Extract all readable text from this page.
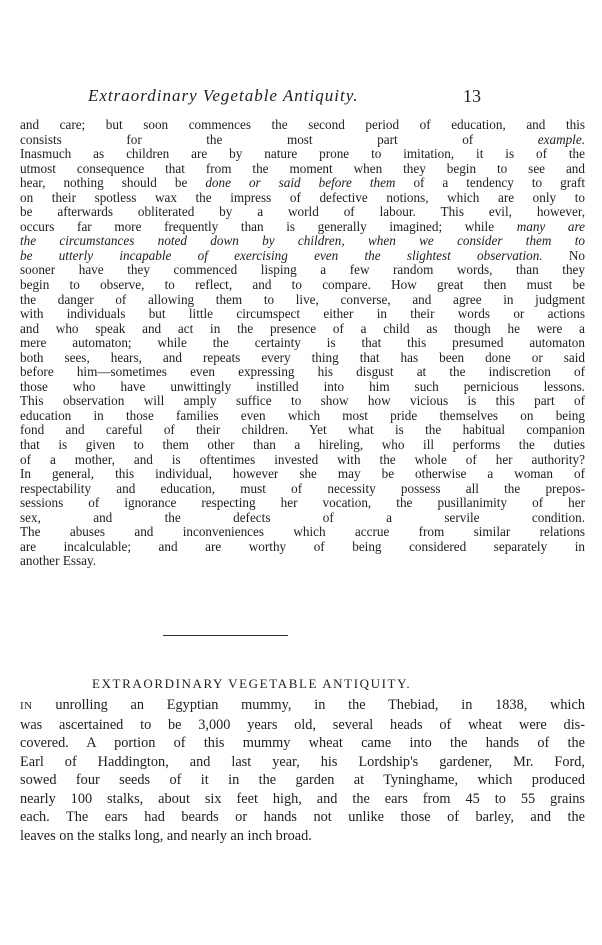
Extraordinary Vegetable Antiquity.	13

and care; but soon commences the second period of education, and this

consists for the most part of example.

Inasmuch as children are by nature prone to imitation, it is of the

utmost consequence that from the moment when they begin to see and

hear, nothing should be done or said before them of a tendency to graft

on their spotless wax the impress of defective notions, which are only to

be afterwards obliterated by a world of labour. This evil, however,

occurs far more frequently than is generally imagined; while many are

the circumstances noted down by children, when we consider them to

be utterly incapable of exercising even the slightest observation. No

sooner have they commenced lisping a few random words, than they

begin to observe, to reflect, and to compare. How great then must be

the danger of allowing them to live, converse, and agree in judgment

with individuals but little circumspect either in their words or actions

and who speak and act in the presence of a child as though he were a

mere automaton; while the certainty is that this presumed automaton

both sees, hears, and repeats every thing that has been done or said

before him—sometimes even expressing his disgust at the indiscretion of

those who have unwittingly instilled into him such pernicious lessons.

This observation will amply suffice to show how vicious is this part of

education in those families even which most pride themselves on being

fond and careful of their children. Yet what is the habitual companion

that is given to them other than a hireling, who ill performs the duties

of a mother, and is oftentimes invested with the whole of her authority?

In general, this individual, however she may be otherwise a woman of

respectability and education, must of necessity possess all the prepos-

sessions of ignorance respecting her vocation, the pusillanimity of her

sex, and the defects of a servile condition.

The abuses and inconveniences which accrue from similar relations

are incalculable; and are worthy of being considered separately in

another Essay.

EXTRAORDINARY VEGETABLE ANTIQUITY.

IN unrolling an Egyptian mummy, in the Thebiad, in 1838, which

was ascertained to be 3,000 years old, several heads of wheat were dis-

covered. A portion of this mummy wheat came into the hands of the

Earl of Haddington, and last year, his Lordship's gardener, Mr. Ford,

sowed four seeds of it in the garden at Tyninghame, which produced

nearly 100 stalks, about six feet high, and the ears from 45 to 55 grains

each. The ears had beards or hands not unlike those of barley, and the

leaves on the stalks long, and nearly an inch broad.
